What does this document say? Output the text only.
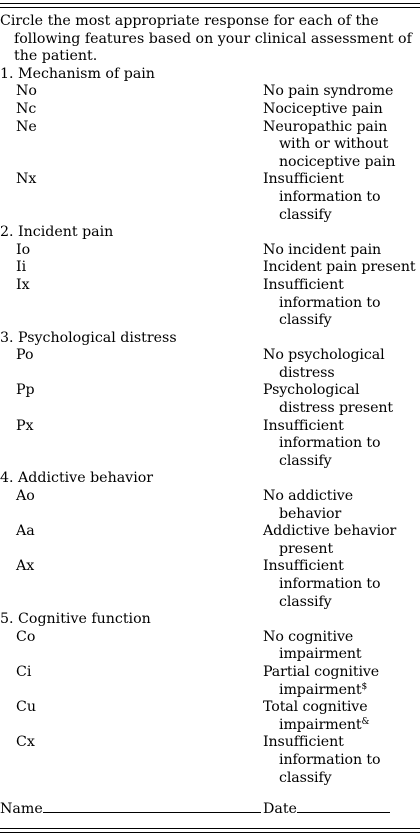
Circle the most appropriate response for each of the following features based on your clinical assessment of the patient.

1. Mechanism of pain
No	No pain syndrome
Nc	Nociceptive pain
Ne	Neuropathic pain with or without nociceptive pain
Nx	Insufficient information to classify
2. Incident pain
Io	No incident pain
Ii	Incident pain present
Ix	Insufficient information to classify
3. Psychological distress
Po	No psychological distress
Pp	Psychological distress present
Px	Insufficient information to classify
4. Addictive behavior
Ao	No addictive behavior
Aa	Addictive behavior present
Ax	Insufficient information to classify
5. Cognitive function
Co	No cognitive impairment
Ci	Partial cognitive impairment$
Cu	Total cognitive impairment&
Cx	Insufficient information to classify
Name	Date
